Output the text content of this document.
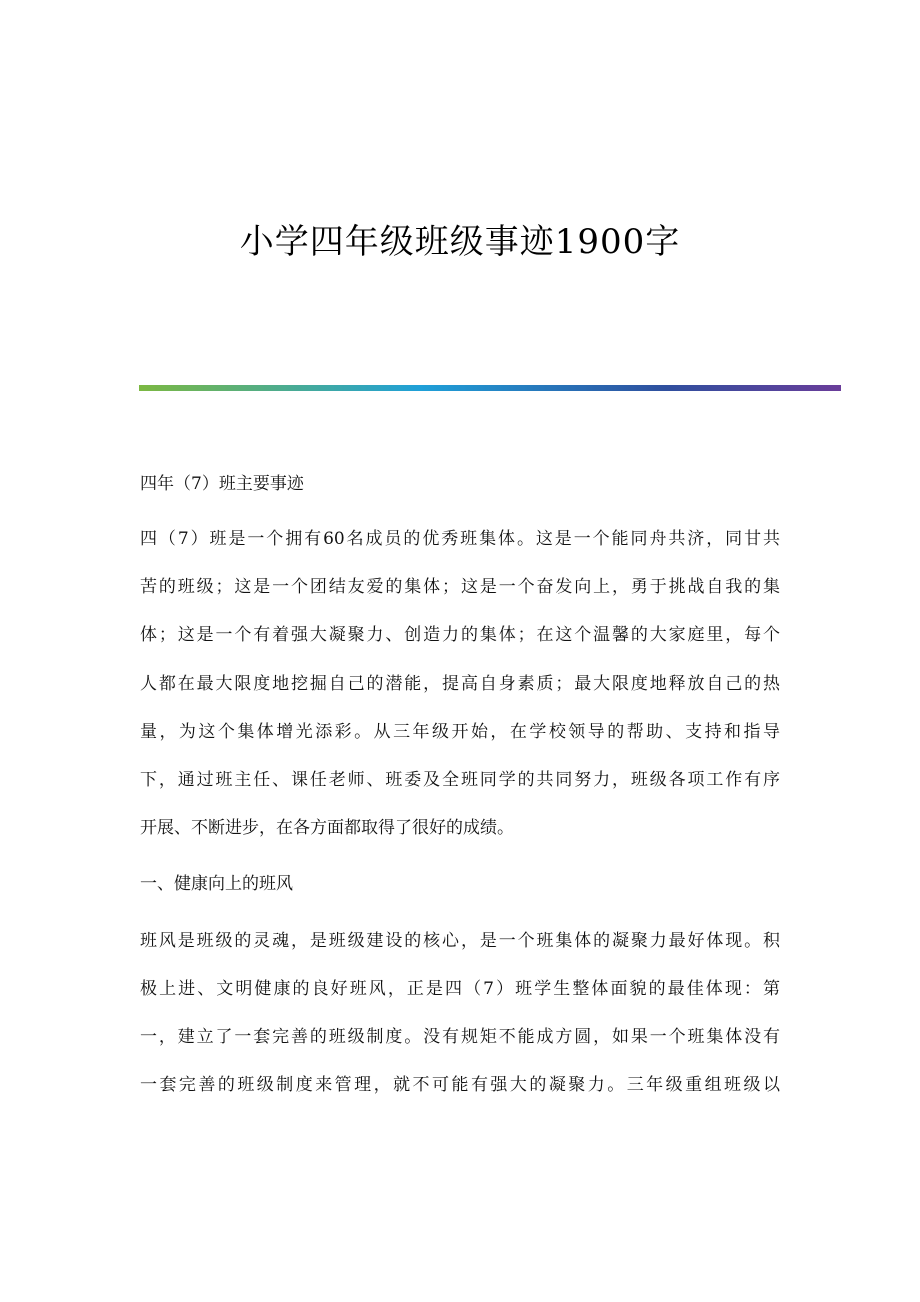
小学四年级班级事迹1900字
四年（7）班主要事迹
四（7）班是一个拥有60名成员的优秀班集体。这是一个能同舟共济，同甘共
苦的班级；这是一个团结友爱的集体；这是一个奋发向上，勇于挑战自我的集
体；这是一个有着强大凝聚力、创造力的集体；在这个温馨的大家庭里，每个
人都在最大限度地挖掘自己的潜能，提高自身素质；最大限度地释放自己的热
量，为这个集体增光添彩。从三年级开始，在学校领导的帮助、支持和指导
下，通过班主任、课任老师、班委及全班同学的共同努力，班级各项工作有序
开展、不断进步，在各方面都取得了很好的成绩。
一、健康向上的班风
班风是班级的灵魂，是班级建设的核心，是一个班集体的凝聚力最好体现。积
极上进、文明健康的良好班风，正是四（7）班学生整体面貌的最佳体现：第
一，建立了一套完善的班级制度。没有规矩不能成方圆，如果一个班集体没有
一套完善的班级制度来管理，就不可能有强大的凝聚力。三年级重组班级以
